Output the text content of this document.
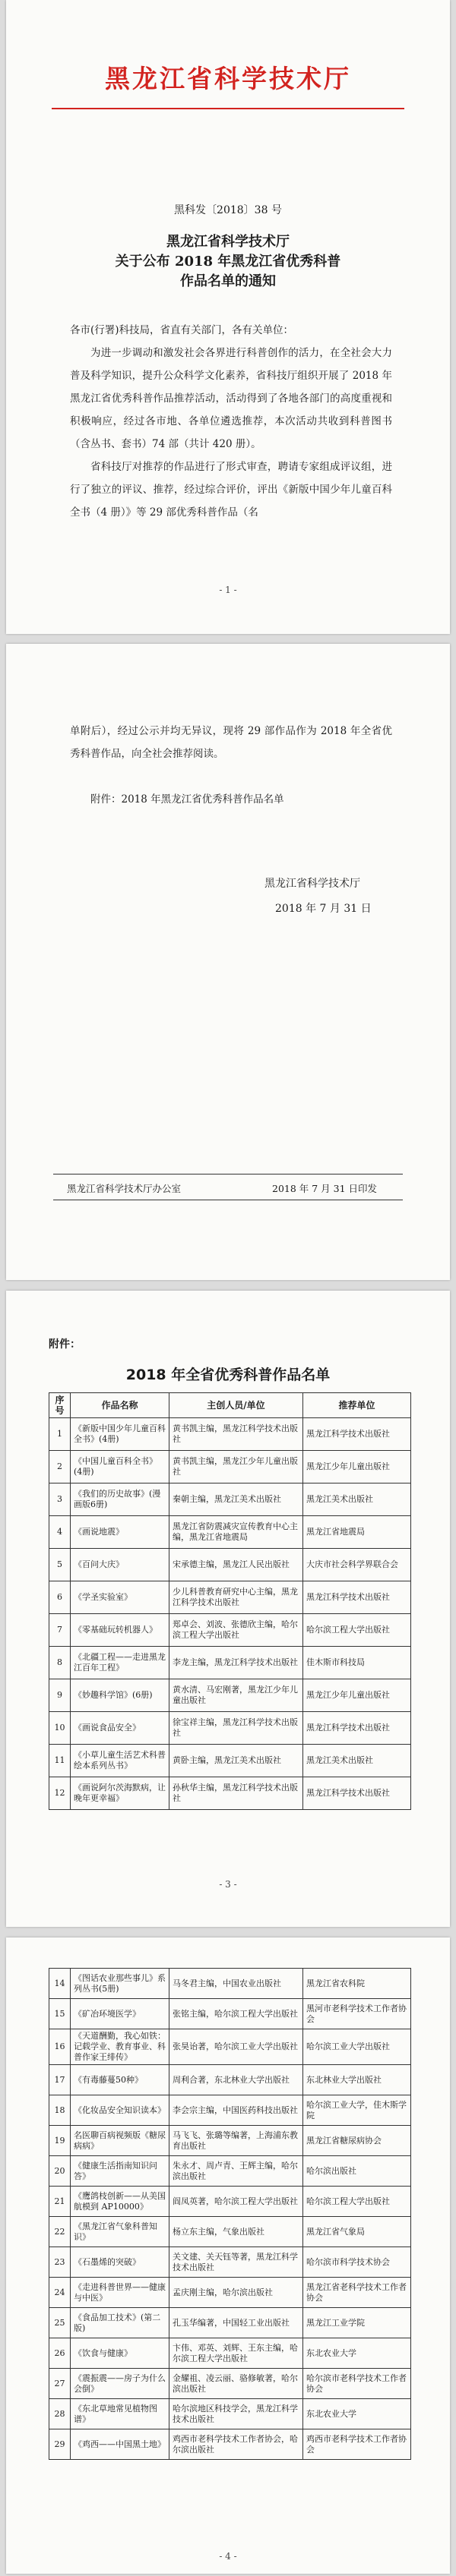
黑龙江省科学技术厅
黑科发〔2018〕38 号
黑龙江省科学技术厅
关于公布 2018 年黑龙江省优秀科普
作品名单的通知
各市(行署)科技局，省直有关部门，各有关单位：

为进一步调动和激发社会各界进行科普创作的活力，在全社会大力普及科学知识，提升公众科学文化素养，省科技厅组织开展了 2018 年黑龙江省优秀科普作品推荐活动，活动得到了各地各部门的高度重视和积极响应，经过各市地、各单位遴选推荐，本次活动共收到科普图书（含丛书、套书）74 部（共计 420 册）。

省科技厅对推荐的作品进行了形式审查，聘请专家组成评议组，进行了独立的评议、推荐，经过综合评价，评出《新版中国少年儿童百科全书（4 册）》等 29 部优秀科普作品（名

- 1 -

单附后），经过公示并均无异议，现将 29 部作品作为 2018 年全省优秀科普作品，向全社会推荐阅读。

附件：2018 年黑龙江省优秀科普作品名单

黑龙江省科学技术厅
2018 年 7 月 31 日
黑龙江省科学技术厅办公室	2018 年 7 月 31 日印发
附件：
2018 年全省优秀科普作品名单
序号	作品名称	主创人员/单位	推荐单位
1	《新版中国少年儿童百科全书》(4册)	黄书凯主编，黑龙江科学技术出版社	黑龙江科学技术出版社
2	《中国儿童百科全书》(4册)	黄书凯主编，黑龙江少年儿童出版社	黑龙江少年儿童出版社
3	《我们的历史故事》(漫画版6册)	秦朝主编，黑龙江美术出版社	黑龙江美术出版社
4	《画说地震》	黑龙江省防震减灾宣传教育中心主编，黑龙江省地震局	黑龙江省地震局
5	《百问大庆》	宋承德主编，黑龙江人民出版社	大庆市社会科学界联合会
6	《学圣实验室》	少儿科普教育研究中心主编，黑龙江科学技术出版社	黑龙江科学技术出版社
7	《零基础玩转机器人》	郑卓会、刘波、张德欣主编，哈尔滨工程大学出版社	哈尔滨工程大学出版社
8	《北疆工程——走进黑龙江百年工程》	李龙主编，黑龙江科学技术出版社	佳木斯市科技局
9	《妙趣科学馆》(6册)	黄水清、马宏刚著，黑龙江少年儿童出版社	黑龙江少年儿童出版社
10	《画说食品安全》	徐宝祥主编，黑龙江科学技术出版社	黑龙江科学技术出版社
11	《小草儿童生活艺术科普绘本系列丛书》	黄卧主编，黑龙江美术出版社	黑龙江美术出版社
12	《画说阿尔茨海默病，让晚年更幸福》	孙秋华主编，黑龙江科学技术出版社	黑龙江科学技术出版社
- 3 -
14	《图话农业那些事儿》系列丛书(5册)	马冬君主编，中国农业出版社	黑龙江省农科院
15	《矿冶环境医学》	张铭主编，哈尔滨工程大学出版社	黑河市老科学技术工作者协会
16	《天道酬勤，我心如铁：记载学业、教育事业、科普作家王绯传》	张昊诒著，哈尔滨工业大学出版社	哈尔滨工业大学出版社
17	《有毒藤蔓50种》	周利合著，东北林业大学出版社	东北林业大学出版社
18	《化妆品安全知识读本》	李会宗主编，中国医药科技出版社	哈尔滨工业大学，佳木斯学院
19	名医聊百病视频版《糖尿病病》	马飞飞、张璐等编著，上海浦东教育出版社	黑龙江省糖尿病协会
20	《健康生活指南知识问答》	朱永才、周卢青、王辉主编，哈尔滨出版社	哈尔滨出版社
21	《鹰鸽枝创新——从美国航模到 AP10000》	阎凤英著，哈尔滨工程大学出版社	哈尔滨工程大学出版社
22	《黑龙江省气象科普知识》	杨立东主编，气象出版社	黑龙江省气象局
23	《石墨烯的突破》	关文建、关天钰等著，黑龙江科学技术出版社	哈尔滨市科学技术协会
24	《走进科普世界——健康与中医》	孟庆刚主编，哈尔滨出版社	黑龙江省老科学技术工作者协会
25	《食品加工技术》(第二版)	孔玉华编著，中国轻工业出版社	黑龙江工业学院
26	《饮食与健康》	卞伟、邓英、刘辉、王东主编，哈尔滨工程大学出版社	东北农业大学
27	《震振震——房子为什么会倒》	金耀祖、凌云丽、骆修敏著，哈尔滨出版社	哈尔滨市老科学技术工作者协会
28	《东北草地常见植物图谱》	哈尔滨地区科技学会，黑龙江科学技术出版社	东北农业大学
29	《鸡西——中国黑土地》	鸡西市老科学技术工作者协会，哈尔滨出版社	鸡西市老科学技术工作者协会
- 4 -
